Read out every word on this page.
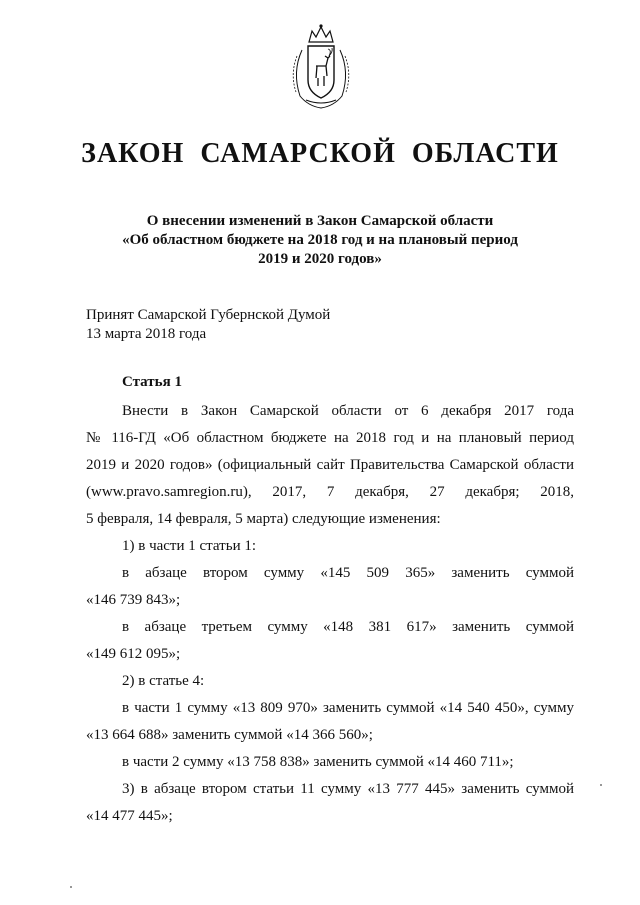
ЗАКОН САМАРСКОЙ ОБЛАСТИ
О внесении изменений в Закон Самарской области
«Об областном бюджете на 2018 год и на плановый период
2019 и 2020 годов»
Принят Самарской Губернской Думой
13 марта 2018 года
Статья 1
Внести в Закон Самарской области от 6 декабря 2017 года
№ 116-ГД «Об областном бюджете на 2018 год и на плановый период
2019 и 2020 годов» (официальный сайт Правительства Самарской области
(www.pravo.samregion.ru), 2017, 7 декабря, 27 декабря; 2018,
5 февраля, 14 февраля, 5 марта) следующие изменения:
1) в части 1 статьи 1:
в абзаце втором сумму «145 509 365» заменить суммой
«146 739 843»;
в абзаце третьем сумму «148 381 617» заменить суммой
«149 612 095»;
2) в статье 4:
в части 1 сумму «13 809 970» заменить суммой «14 540 450», сумму
«13 664 688» заменить суммой «14 366 560»;
в части 2 сумму «13 758 838» заменить суммой «14 460 711»;
3) в абзаце втором статьи 11 сумму «13 777 445» заменить суммой
«14 477 445»;
